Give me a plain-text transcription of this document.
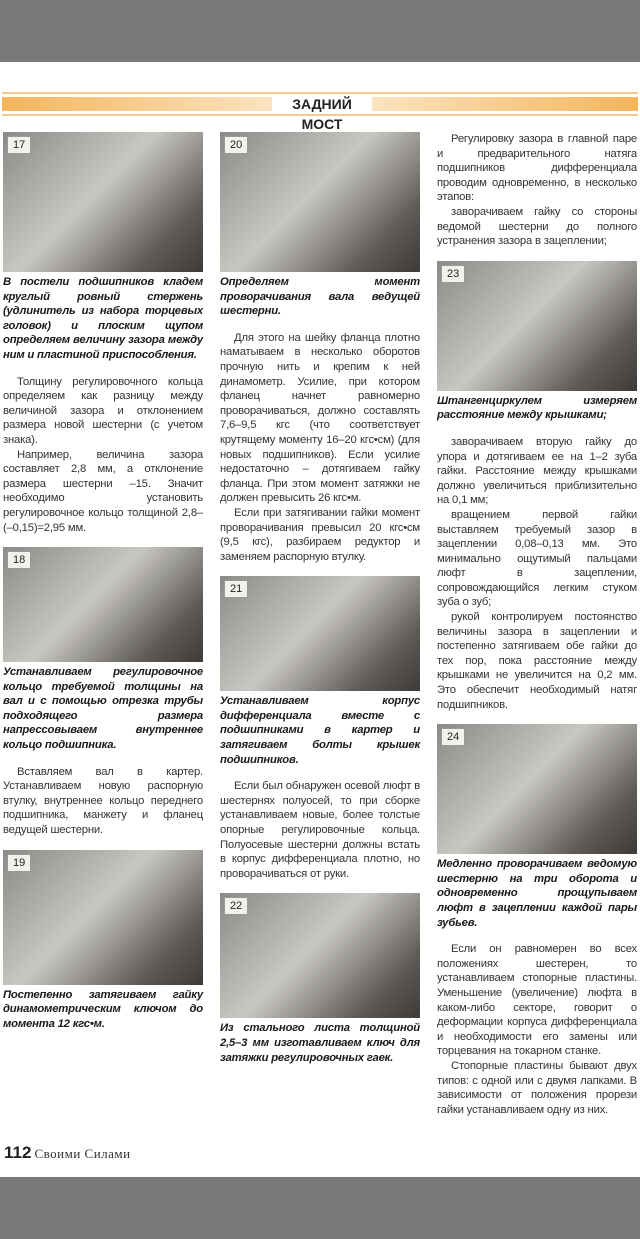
ЗАДНИЙ МОСТ
17
В постели подшипников кладем круглый ровный стержень (удлинитель из набора торцевых головок) и плоским щупом определяем величину зазора между ним и пластиной приспособления.

Толщину регулировочного кольца определяем как разницу между величиной зазора и отклонением размера новой шестерни (с учетом знака).

Например, величина зазора составляет 2,8 мм, а отклонение размера шестерни –15. Значит необходимо установить регулировочное кольцо толщиной 2,8–(–0,15)=2,95 мм.

18
Устанавливаем регулировочное кольцо требуемой толщины на вал и с помощью отрезка трубы подходящего размера напрессовываем внутреннее кольцо подшипника.

Вставляем вал в картер. Устанавливаем новую распорную втулку, внутреннее кольцо переднего подшипника, манжету и фланец ведущей шестерни.

19
Постепенно затягиваем гайку динамометрическим ключом до момента 12 кгс•м.
20
Определяем момент проворачивания вала ведущей шестерни.

Для этого на шейку фланца плотно наматываем в несколько оборотов прочную нить и крепим к ней динамометр. Усилие, при котором фланец начнет равномерно проворачиваться, должно составлять 7,6–9,5 кгс (что соответствует крутящему моменту 16–20 кгс•см) (для новых подшипников). Если усилие недостаточно – дотягиваем гайку фланца. При этом момент затяжки не должен превысить 26 кгс•м.

Если при затягивании гайки момент проворачивания превысил 20 кгс•см (9,5 кгс), разбираем редуктор и заменяем распорную втулку.

21
Устанавливаем корпус дифференциала вместе с подшипниками в картер и затягиваем болты крышек подшипников.

Если был обнаружен осевой люфт в шестернях полуосей, то при сборке устанавливаем новые, более толстые опорные регулировочные кольца. Полуосевые шестерни должны встать в корпус дифференциала плотно, но проворачиваться от руки.

22
Из стального листа толщиной 2,5–3 мм изготавливаем ключ для затяжки регулировочных гаек.

Регулировку зазора в главной паре и предварительного натяга подшипников дифференциала проводим одновременно, в несколько этапов:

заворачиваем гайку со стороны ведомой шестерни до полного устранения зазора в зацеплении;

23
Штангенциркулем измеряем расстояние между крышками;

заворачиваем вторую гайку до упора и дотягиваем ее на 1–2 зуба гайки. Расстояние между крышками должно увеличиться приблизительно на 0,1 мм;

вращением первой гайки выставляем требуемый зазор в зацеплении 0,08–0,13 мм. Это минимально ощутимый пальцами люфт в зацеплении, сопровождающийся легким стуком зуба о зуб;

рукой контролируем постоянство величины зазора в зацеплении и постепенно затягиваем обе гайки до тех пор, пока расстояние между крышками не увеличится на 0,2 мм. Это обеспечит необходимый натяг подшипников.

24
Медленно проворачиваем ведомую шестерню на три оборота и одновременно прощупываем люфт в зацеплении каждой пары зубьев.

Если он равномерен во всех положениях шестерен, то устанавливаем стопорные пластины. Уменьшение (увеличение) люфта в каком-либо секторе, говорит о деформации корпуса дифференциала и необходимости его замены или торцевания на токарном станке.

Стопорные пластины бывают двух типов: с одной или с двумя лапками. В зависимости от положения прорези гайки устанавливаем одну из них.

112 Своими Силами
